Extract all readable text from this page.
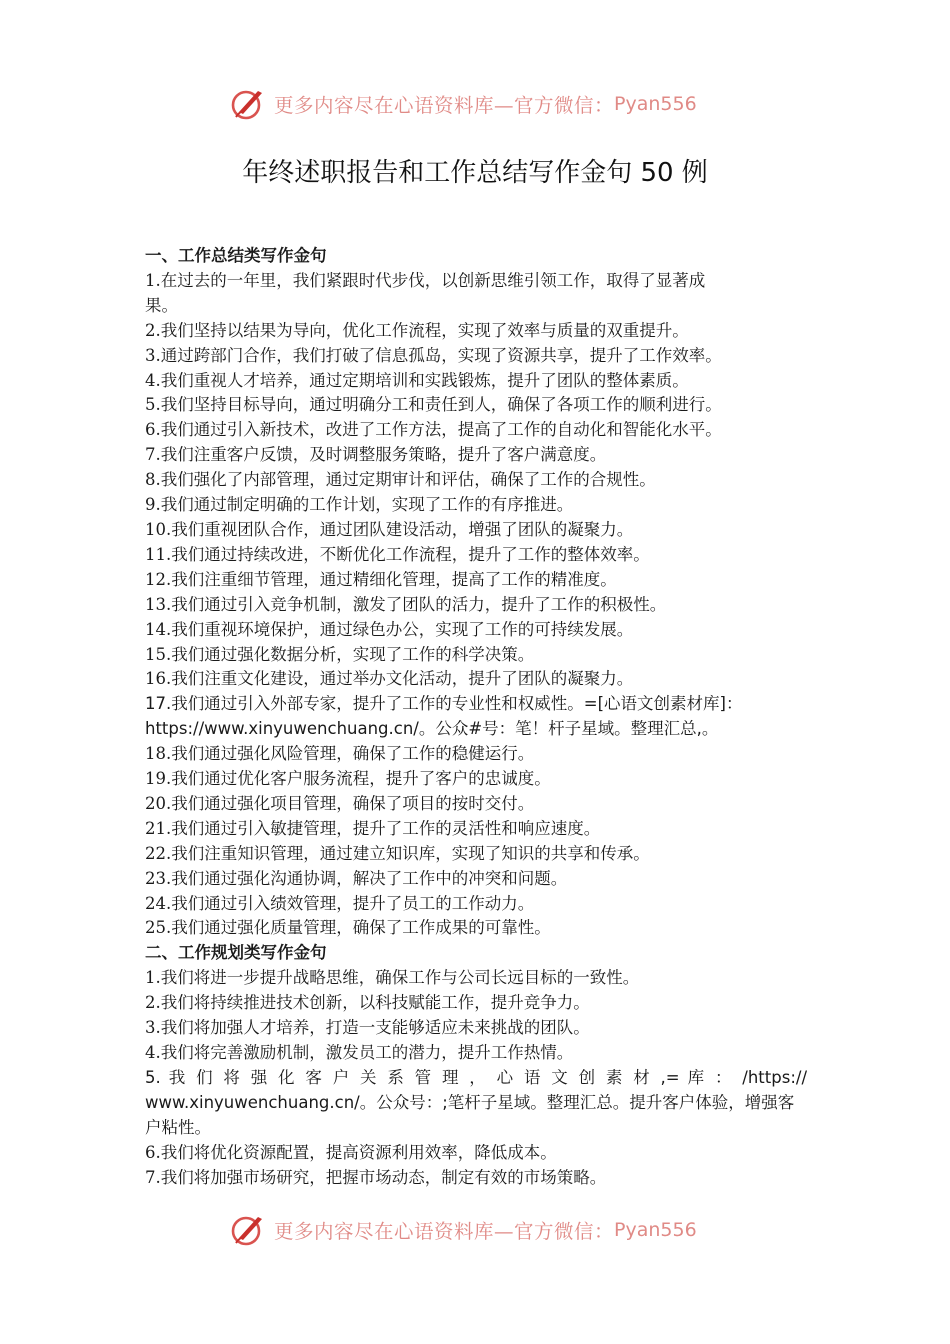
更多内容尽在心语资料库—官方微信： Pyan556
年终述职报告和工作总结写作金句 50 例
一、工作总结类写作金句
1.在过去的一年里，我们紧跟时代步伐，以创新思维引领工作，取得了显著成
果。
2.我们坚持以结果为导向，优化工作流程，实现了效率与质量的双重提升。
3.通过跨部门合作，我们打破了信息孤岛，实现了资源共享，提升了工作效率。
4.我们重视人才培养，通过定期培训和实践锻炼，提升了团队的整体素质。
5.我们坚持目标导向，通过明确分工和责任到人，确保了各项工作的顺利进行。
6.我们通过引入新技术，改进了工作方法，提高了工作的自动化和智能化水平。
7.我们注重客户反馈，及时调整服务策略，提升了客户满意度。
8.我们强化了内部管理，通过定期审计和评估，确保了工作的合规性。
9.我们通过制定明确的工作计划，实现了工作的有序推进。
10.我们重视团队合作，通过团队建设活动，增强了团队的凝聚力。
11.我们通过持续改进，不断优化工作流程，提升了工作的整体效率。
12.我们注重细节管理，通过精细化管理，提高了工作的精准度。
13.我们通过引入竞争机制，激发了团队的活力，提升了工作的积极性。
14.我们重视环境保护，通过绿色办公，实现了工作的可持续发展。
15.我们通过强化数据分析，实现了工作的科学决策。
16.我们注重文化建设，通过举办文化活动，提升了团队的凝聚力。
17.我们通过引入外部专家，提升了工作的专业性和权威性。=[心语文创素材库]：
https://www.xinyuwenchuang.cn/。公众#号：笔！杆子星域。整理汇总,。
18.我们通过强化风险管理，确保了工作的稳健运行。
19.我们通过优化客户服务流程，提升了客户的忠诚度。
20.我们通过强化项目管理，确保了项目的按时交付。
21.我们通过引入敏捷管理，提升了工作的灵活性和响应速度。
22.我们注重知识管理，通过建立知识库，实现了知识的共享和传承。
23.我们通过强化沟通协调，解决了工作中的冲突和问题。
24.我们通过引入绩效管理，提升了员工的工作动力。
25.我们通过强化质量管理，确保了工作成果的可靠性。
二、工作规划类写作金句
1.我们将进一步提升战略思维，确保工作与公司长远目标的一致性。
2.我们将持续推进技术创新，以科技赋能工作，提升竞争力。
3.我们将加强人才培养，打造一支能够适应未来挑战的团队。
4.我们将完善激励机制，激发员工的潜力，提升工作热情。
5. 我 们 将 强 化 客 户 关 系 管 理 ， 心 语 文 创 素 材 ,= 库 ： /https://
www.xinyuwenchuang.cn/。公众号：;笔杆子星域。整理汇总。提升客户体验，增强客
户粘性。
6.我们将优化资源配置，提高资源利用效率，降低成本。
7.我们将加强市场研究，把握市场动态，制定有效的市场策略。
更多内容尽在心语资料库—官方微信： Pyan556
